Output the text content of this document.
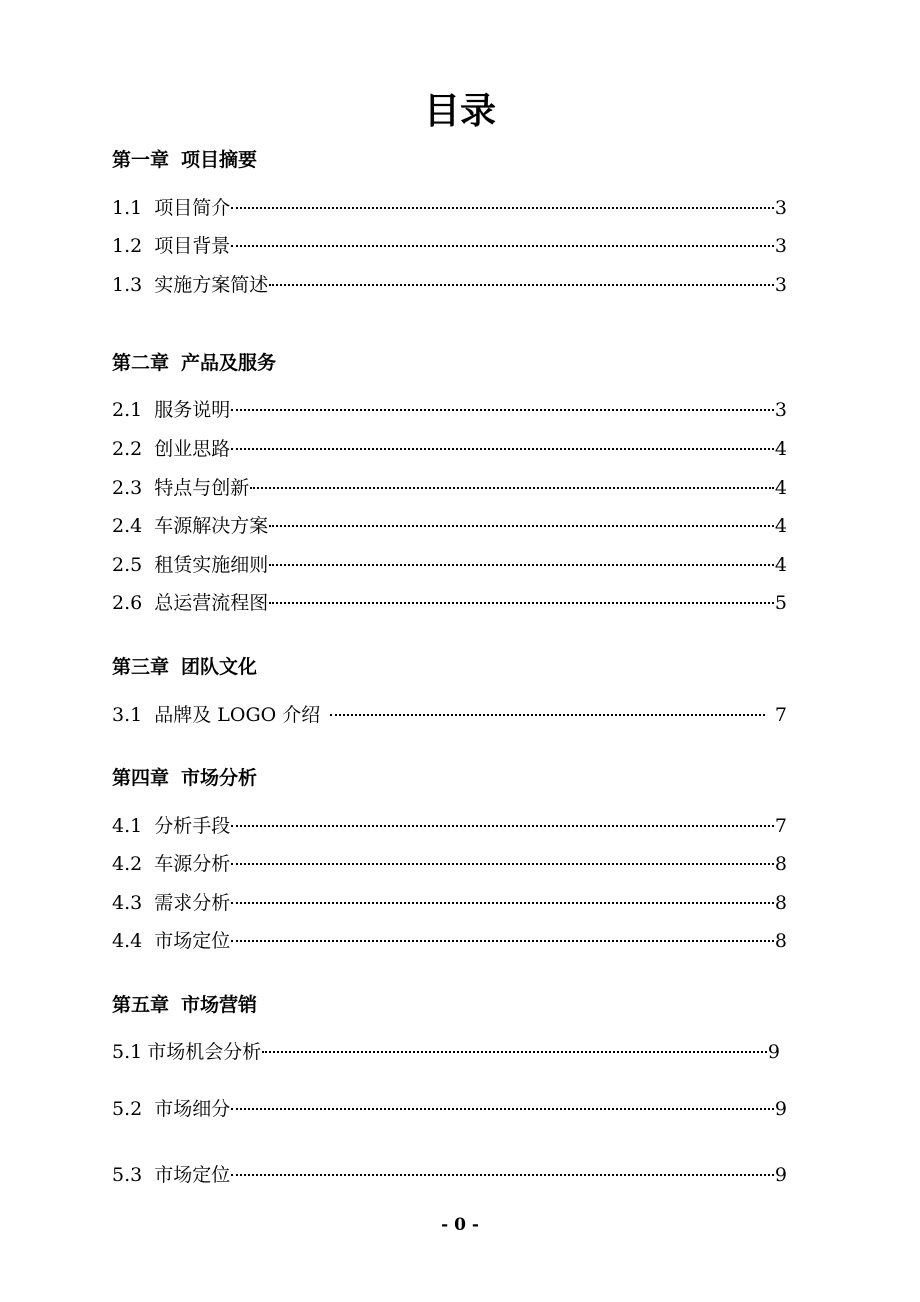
目录
第一章 项目摘要
1.1 项目简介	3
1.2 项目背景	3
1.3 实施方案简述	3
第二章 产品及服务
2.1 服务说明	3
2.2 创业思路	4
2.3 特点与创新	4
2.4 车源解决方案	4
2.5 租赁实施细则	4
2.6 总运营流程图	5
第三章 团队文化
3.1 品牌及 LOGO 介绍	7
第四章 市场分析
4.1 分析手段	7
4.2 车源分析	8
4.3 需求分析	8
4.4 市场定位	8
第五章 市场营销
5.1 市场机会分析	9
5.2 市场细分	9
5.3 市场定位	9
- 0 -
